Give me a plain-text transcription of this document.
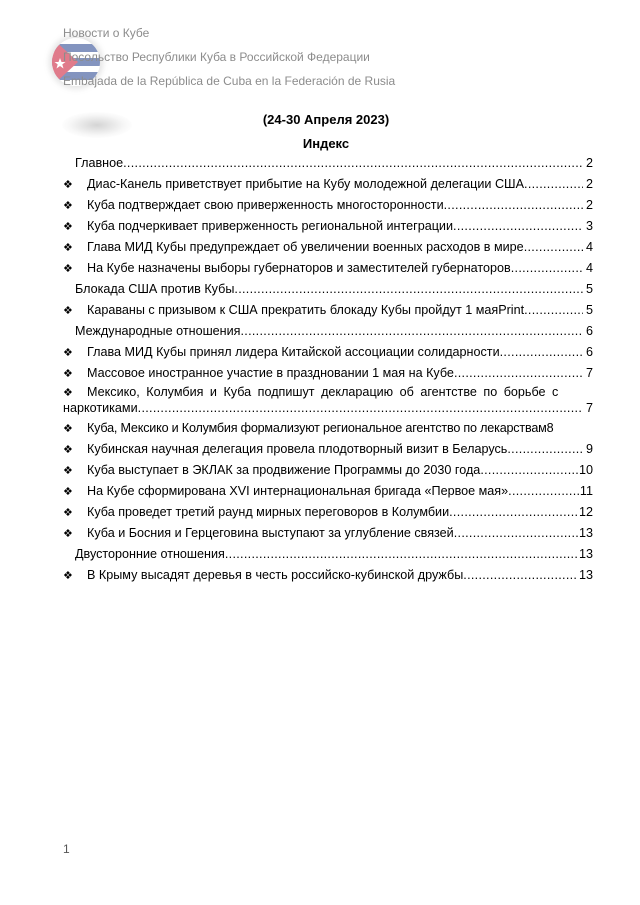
Новости о Кубе
Посольство Республики Куба в Российской Федерации
Embajada de la República de Cuba en la Federación de Rusia
(24-30 Апреля 2023)
Индекс
Главное .....	2
❖	Диас-Канель приветствует прибытие на Кубу молодежной делегации США .....	2
❖	Куба подтверждает свою приверженность многосторонности .....	2
❖	Куба подчеркивает приверженность региональной интеграции .....	3
❖	Глава МИД Кубы предупреждает об увеличении военных расходов в мире .....	4
❖	На Кубе назначены выборы губернаторов и заместителей губернаторов .....	4
Блокада США против Кубы .....	5
❖	Караваны с призывом к США прекратить блокаду Кубы пройдут 1 маяPrint .....	5
Международные отношения .....	6
❖	Глава МИД Кубы принял лидера Китайской ассоциации солидарности .....	6
❖	Массовое иностранное участие в праздновании 1 мая на Кубе .....	7
❖	Мексико, Колумбия и Куба подпишут декларацию об агентстве по борьбе с
наркотиками .....	7
❖	Куба, Мексико и Колумбия формализуют региональное агентство по лекарствам 8
❖	Кубинская научная делегация провела плодотворный визит в Беларусь .....	9
❖	Куба выступает в ЭКЛАК за продвижение Программы до 2030 года .....	10
❖	На Кубе сформирована XVI интернациональная бригада «Первое мая» .....	11
❖	Куба проведет третий раунд мирных переговоров в Колумбии .....	12
❖	Куба и Босния и Герцеговина выступают за углубление связей .....	13
Двусторонние отношения .....	13
❖	В Крыму высадят деревья в честь российско-кубинской дружбы .....	13
1
